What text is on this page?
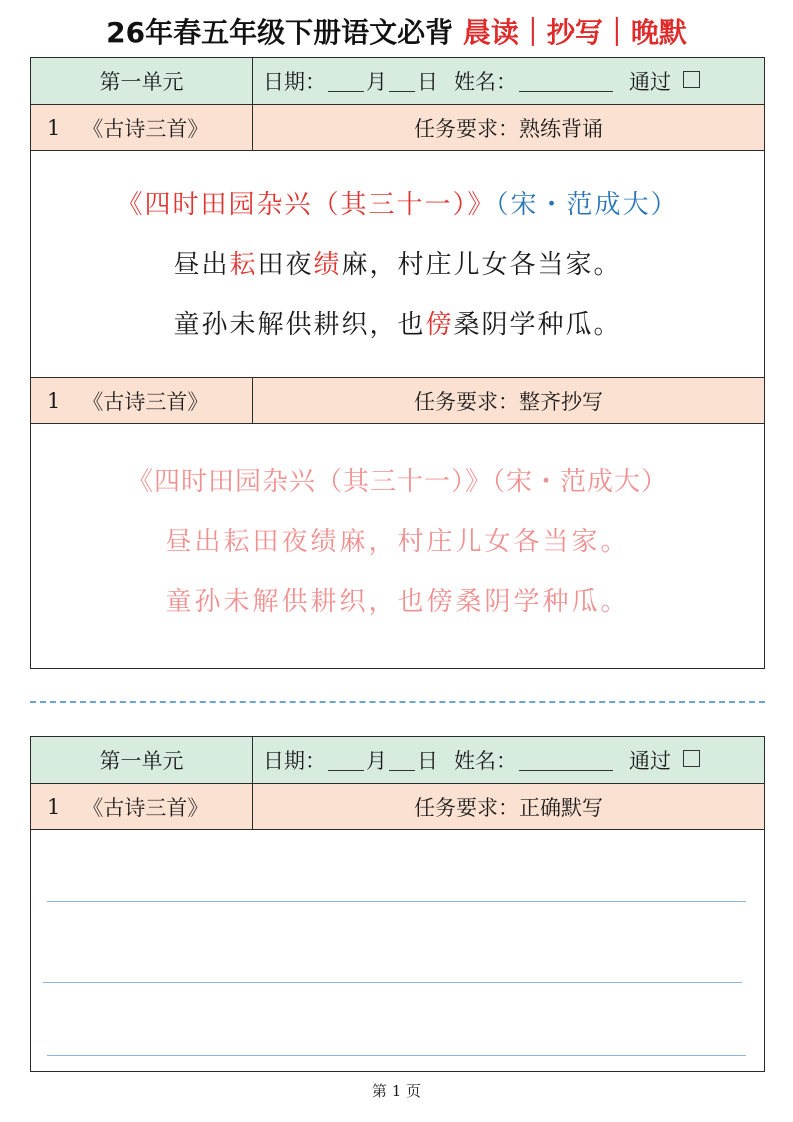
26年春五年级下册语文必背 晨读｜抄写｜晚默
第一单元	日期： 月 日 姓名：	通过
1 《古诗三首》	任务要求：熟练背诵
《四时田园杂兴（其三十一）》（宋・范成大）
昼出耘田夜绩麻，村庄儿女各当家。
童孙未解供耕织，也傍桑阴学种瓜。
1 《古诗三首》	任务要求：整齐抄写
《四时田园杂兴（其三十一）》（宋・范成大）
昼出耘田夜绩麻，村庄儿女各当家。
童孙未解供耕织，也傍桑阴学种瓜。
第一单元	日期： 月 日 姓名：	通过
1 《古诗三首》	任务要求：正确默写
第 1 页
